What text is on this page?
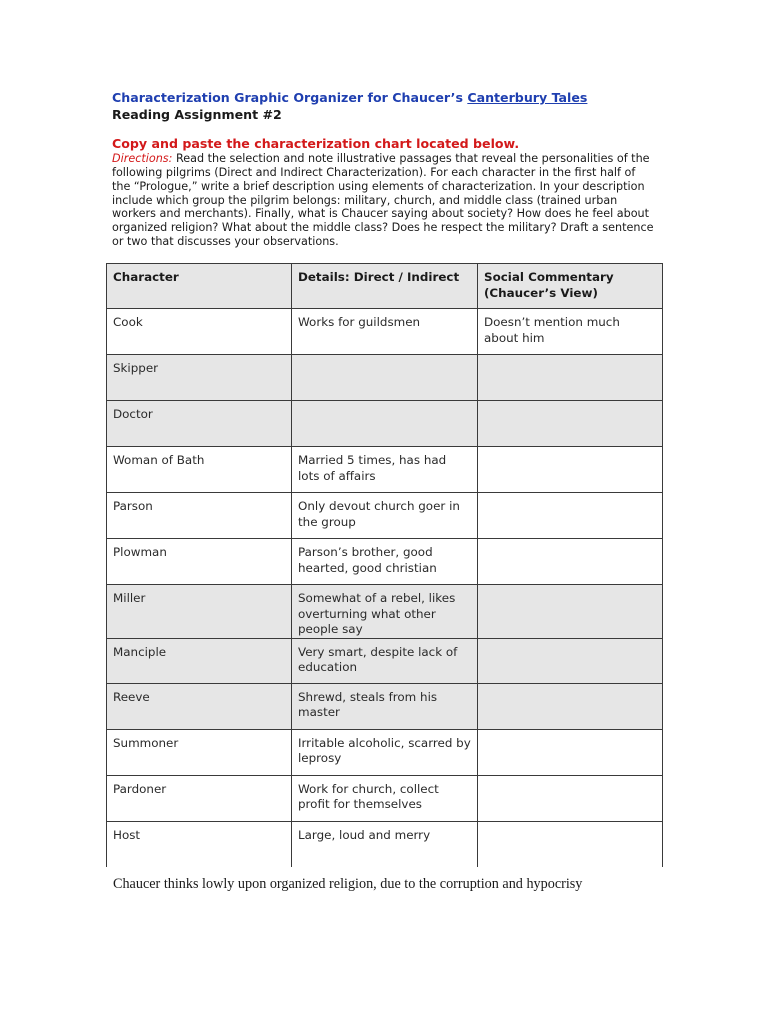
Characterization Graphic Organizer for Chaucer’s Canterbury Tales
Reading Assignment #2
Copy and paste the characterization chart located below.
Directions: Read the selection and note illustrative passages that reveal the personalities of the following pilgrims (Direct and Indirect Characterization). For each character in the first half of the “Prologue,” write a brief description using elements of characterization. In your description include which group the pilgrim belongs: military, church, and middle class (trained urban workers and merchants). Finally, what is Chaucer saying about society? How does he feel about organized religion? What about the middle class? Does he respect the military? Draft a sentence or two that discusses your observations.
Character	Details: Direct / Indirect	Social Commentary (Chaucer’s View)
Cook	Works for guildsmen	Doesn’t mention much about him
Skipper		
Doctor		
Woman of Bath	Married 5 times, has had lots of affairs	
Parson	Only devout church goer in the group	
Plowman	Parson’s brother, good hearted, good christian	
Miller	Somewhat of a rebel, likes overturning what other people say	
Manciple	Very smart, despite lack of education	
Reeve	Shrewd, steals from his master	
Summoner	Irritable alcoholic, scarred by leprosy	
Pardoner	Work for church, collect profit for themselves	
Host	Large, loud and merry	
Chaucer thinks lowly upon organized religion, due to the corruption and hypocrisy
